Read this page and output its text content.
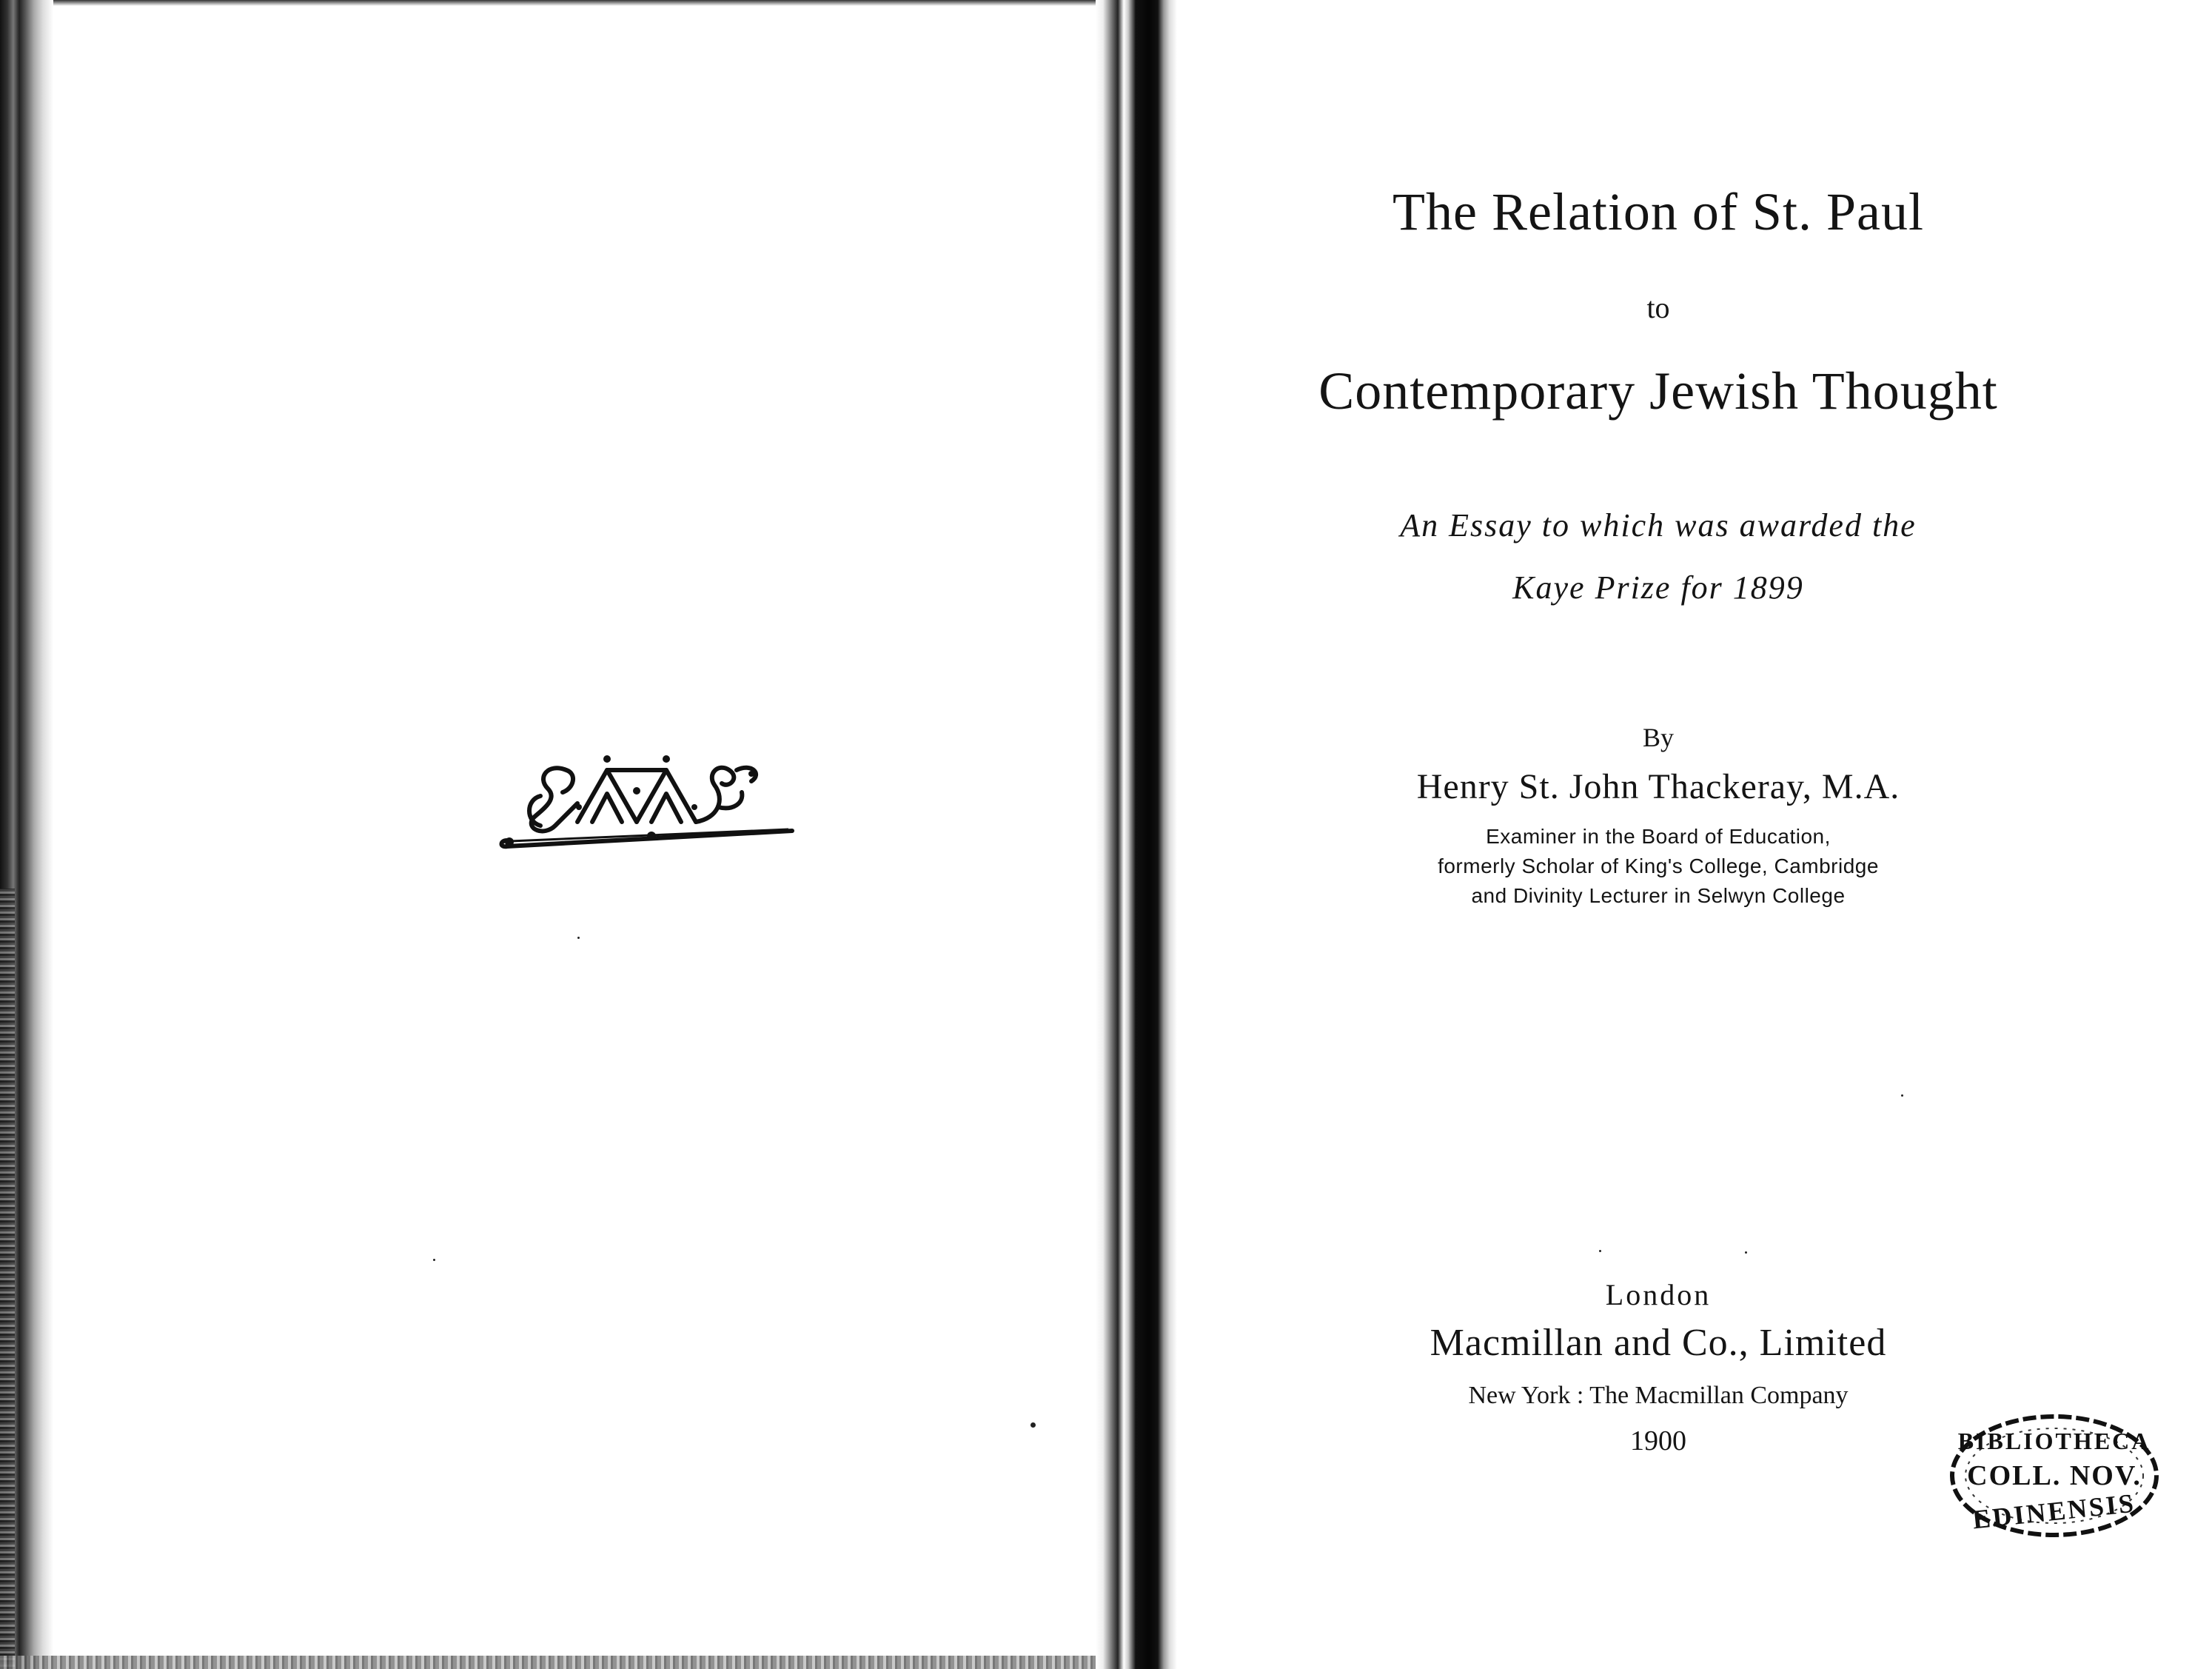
The Relation of St. Paul
to
Contemporary Jewish Thought
An Essay to which was awarded the
Kaye Prize for 1899
By
Henry St. John Thackeray, M.A.
Examiner in the Board of Education,
formerly Scholar of King's College, Cambridge
and Divinity Lecturer in Selwyn College
London
Macmillan and Co., Limited
New York : The Macmillan Company
1900	BIBLIOTHECA
COLL. NOV.
EDINENSIS
